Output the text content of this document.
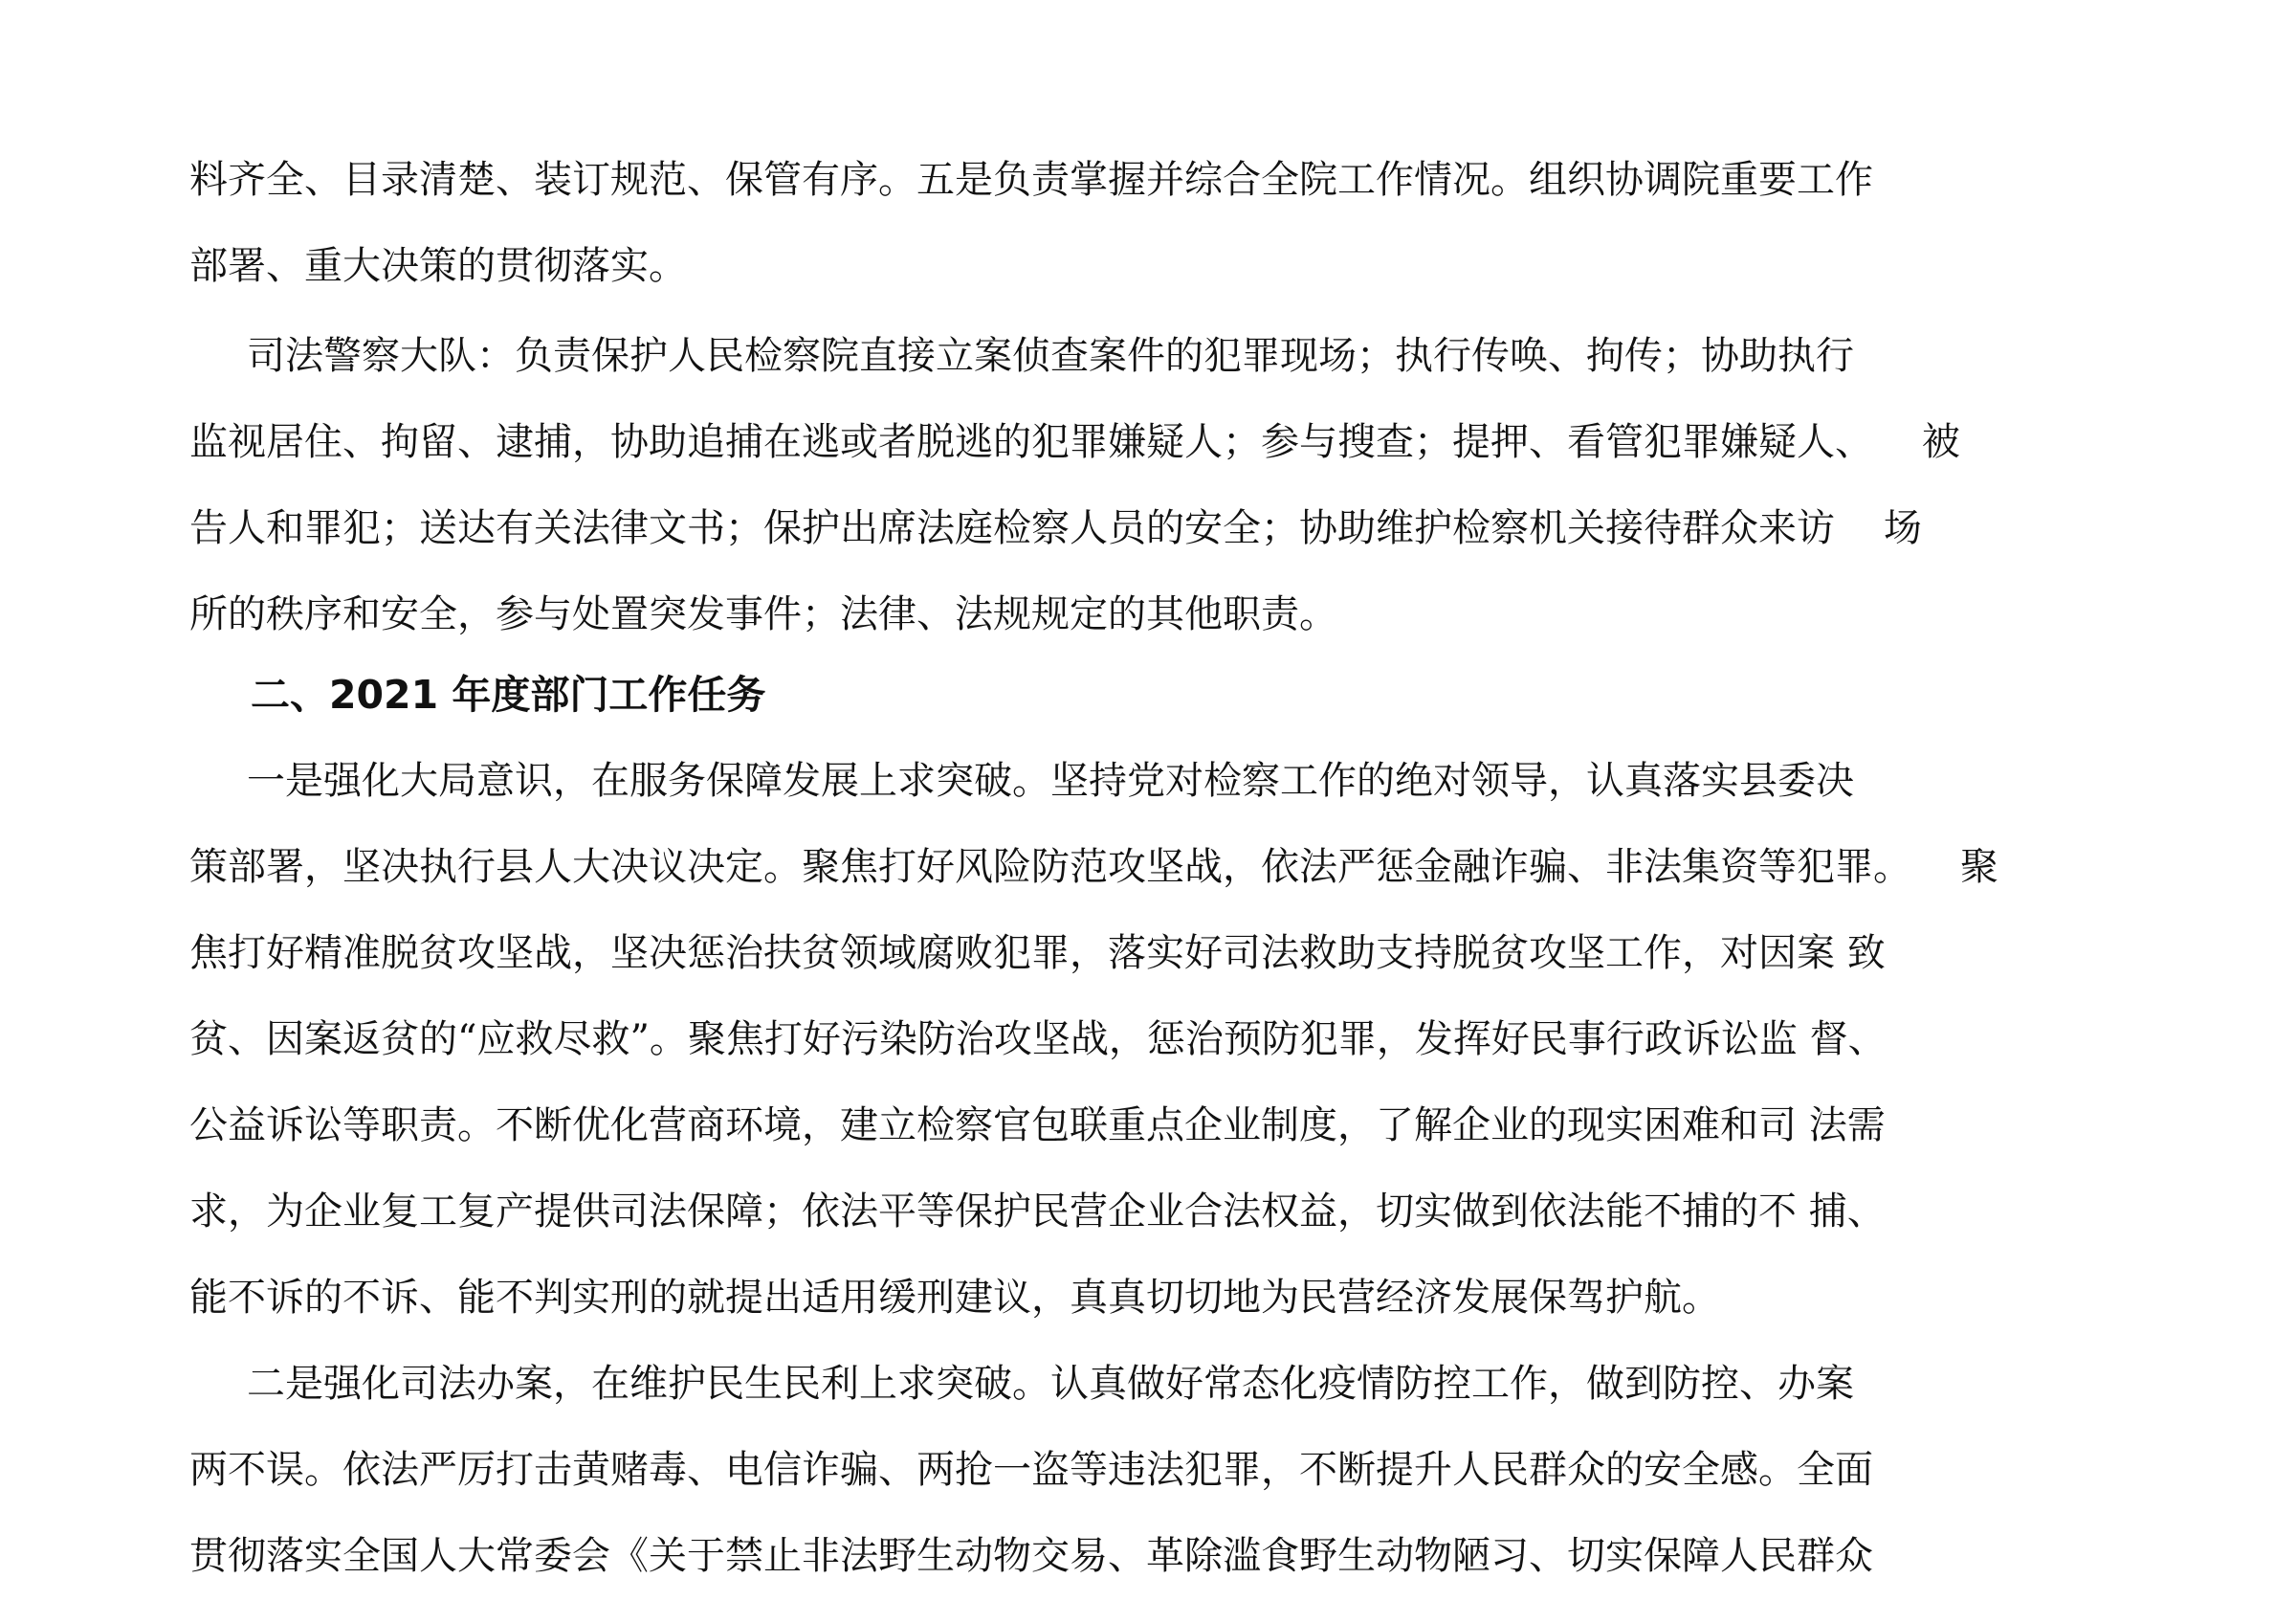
料齐全、目录清楚、装订规范、保管有序。五是负责掌握并综合全院工作情况。组织协调院重要工作

部署、重大决策的贯彻落实。

司法警察大队：负责保护人民检察院直接立案侦查案件的犯罪现场；执行传唤、拘传；协助执行

监视居住、拘留、逮捕，协助追捕在逃或者脱逃的犯罪嫌疑人；参与搜查；提押、看管犯罪嫌疑人、    被

告人和罪犯；送达有关法律文书；保护出席法庭检察人员的安全；协助维护检察机关接待群众来访    场

所的秩序和安全，参与处置突发事件；法律、法规规定的其他职责。

二、2021 年度部门工作任务

一是强化大局意识，在服务保障发展上求突破。坚持党对检察工作的绝对领导，认真落实县委决

策部署，坚决执行县人大决议决定。聚焦打好风险防范攻坚战，依法严惩金融诈骗、非法集资等犯罪。    聚

焦打好精准脱贫攻坚战，坚决惩治扶贫领域腐败犯罪，落实好司法救助支持脱贫攻坚工作，对因案 致

贫、因案返贫的“应救尽救”。聚焦打好污染防治攻坚战，惩治预防犯罪，发挥好民事行政诉讼监 督、

公益诉讼等职责。不断优化营商环境，建立检察官包联重点企业制度，了解企业的现实困难和司 法需

求，为企业复工复产提供司法保障；依法平等保护民营企业合法权益，切实做到依法能不捕的不 捕、

能不诉的不诉、能不判实刑的就提出适用缓刑建议，真真切切地为民营经济发展保驾护航。

二是强化司法办案，在维护民生民利上求突破。认真做好常态化疫情防控工作，做到防控、办案

两不误。依法严厉打击黄赌毒、电信诈骗、两抢一盗等违法犯罪，不断提升人民群众的安全感。全面

贯彻落实全国人大常委会《关于禁止非法野生动物交易、革除滥食野生动物陋习、切实保障人民群众
